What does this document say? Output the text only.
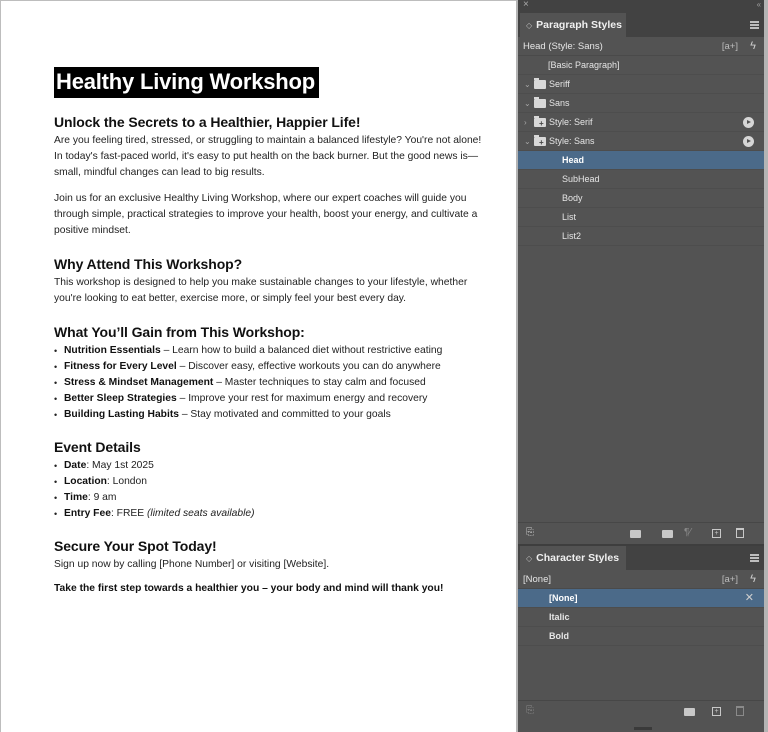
Healthy Living Workshop
Unlock the Secrets to a Healthier, Happier Life!
Are you feeling tired, stressed, or struggling to maintain a balanced lifestyle? You're not alone! In today's fast-paced world, it's easy to put health on the back burner. But the good news is—small, mindful changes can lead to big results.
Join us for an exclusive Healthy Living Workshop, where our expert coaches will guide you through simple, practical strategies to improve your health, boost your energy, and cultivate a positive mindset.
Why Attend This Workshop?
This workshop is designed to help you make sustainable changes to your lifestyle, whether you're looking to eat better, exercise more, or simply feel your best every day.
What You’ll Gain from This Workshop:
• Nutrition Essentials – Learn how to build a balanced diet without restrictive eating
• Fitness for Every Level – Discover easy, effective workouts you can do anywhere
• Stress & Mindset Management – Master techniques to stay calm and focused
• Better Sleep Strategies – Improve your rest for maximum energy and recovery
• Building Lasting Habits – Stay motivated and committed to your goals
Event Details
• Date: May 1st 2025
• Location: London
• Time: 9 am
• Entry Fee: FREE (limited seats available)
Secure Your Spot Today!
Sign up now by calling [Phone Number] or visiting [Website].
Take the first step towards a healthier you – your body and mind will thank you!
×	‹‹
◇ Paragraph Styles
Head (Style: Sans)	[a+] ϟ
[Basic Paragraph]
⌄ Seriff
⌄ Sans
› + Style: Serif
⌄ + Style: Sans
Head
SubHead
Body
List
List2
⎘	¶⁄	+
◇ Character Styles
[None]	[a+] ϟ
[None]	✕
Italic
Bold
⎘	+
